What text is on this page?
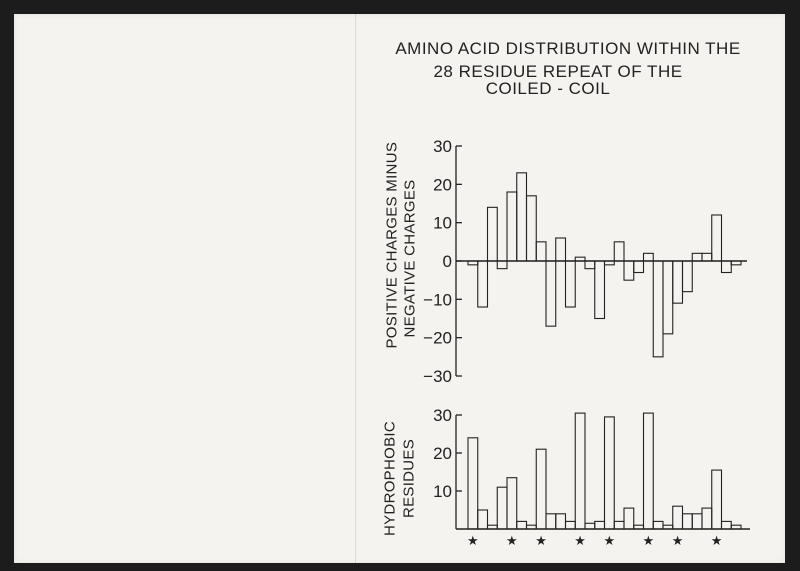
AMINO ACID DISTRIBUTION WITHIN THE
28 RESIDUE REPEAT OF THE
COILED - COIL
POSITIVE CHARGES MINUS NEGATIVE CHARGES
HYDROPHOBIC RESIDUES
30
20
10
0
−10
−20
−30
30
20
10
★ ★ ★ ★ ★ ★ ★ ★
